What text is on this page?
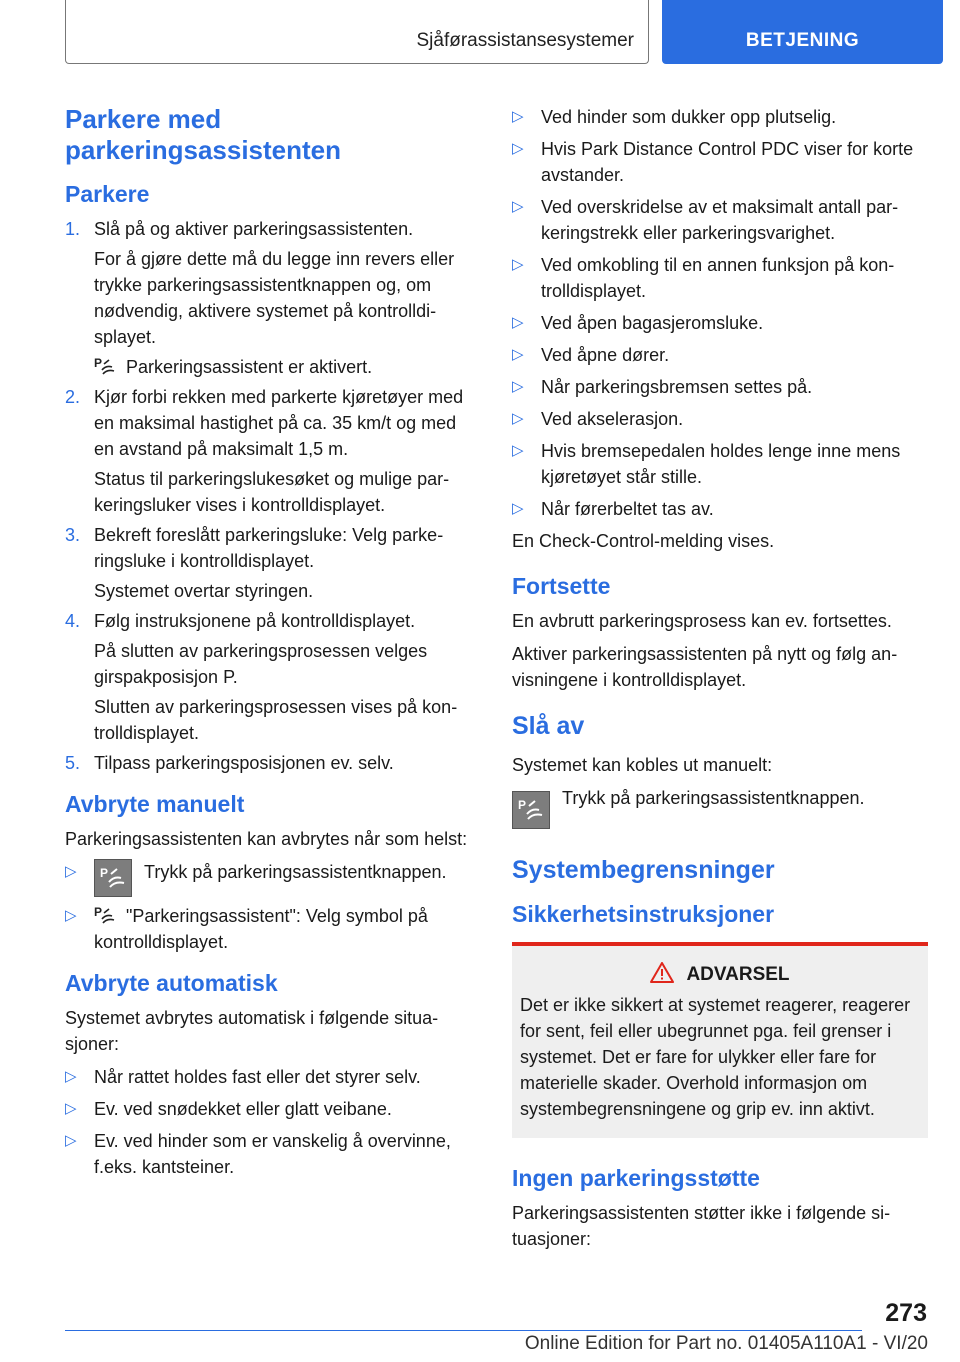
Sjåførassistansesystemer	BETJENING
Parkere med
parkeringsassistenten
Parkere
1. Slå på og aktiver parkeringsassistenten.
For å gjøre dette må du legge inn revers eller trykke parkeringsassistentknappen og, om nødvendig, aktivere systemet på kontrolldisplayet.
P Parkeringsassistent er aktivert.
2. Kjør forbi rekken med parkerte kjøretøyer med en maksimal hastighet på ca. 35 km/t og med en avstand på maksimalt 1,5 m.
Status til parkeringslukesøket og mulige parkeringsluker vises i kontrolldisplayet.
3. Bekreft foreslått parkeringsluke: Velg parkeringsluke i kontrolldisplayet.
Systemet overtar styringen.
4. Følg instruksjonene på kontrolldisplayet.
På slutten av parkeringsprosessen velges girspakposisjon P.
Slutten av parkeringsprosessen vises på kontrolldisplayet.
5. Tilpass parkeringsposisjonen ev. selv.
Avbryte manuelt

Parkeringsassistenten kan avbrytes når som helst:

▷	P Trykk på parkeringsassistentknappen.
▷	P "Parkeringsassistent": Velg symbol på kontrolldisplayet.
Avbryte automatisk

Systemet avbrytes automatisk i følgende situasjoner:

▷ Når rattet holdes fast eller det styrer selv.
▷ Ev. ved snødekket eller glatt veibane.
▷ Ev. ved hinder som er vanskelig å overvinne, f.eks. kantsteiner.
▷ Ved hinder som dukker opp plutselig.
▷ Hvis Park Distance Control PDC viser for korte avstander.
▷ Ved overskridelse av et maksimalt antall parkeringstrekk eller parkeringsvarighet.
▷ Ved omkobling til en annen funksjon på kontrolldisplayet.
▷ Ved åpen bagasjeromsluke.
▷ Ved åpne dører.
▷ Når parkeringsbremsen settes på.
▷ Ved akselerasjon.
▷ Hvis bremsepedalen holdes lenge inne mens kjøretøyet står stille.
▷ Når førerbeltet tas av.

En Check-Control-melding vises.

Fortsette

En avbrutt parkeringsprosess kan ev. fortsettes.

Aktiver parkeringsassistenten på nytt og følg anvisningene i kontrolldisplayet.

Slå av

Systemet kan kobles ut manuelt:

P Trykk på parkeringsassistentknappen.
Systembegrensninger
Sikkerhetsinstruksjoner
ADVARSEL

Det er ikke sikkert at systemet reagerer, reagerer for sent, feil eller ubegrunnet pga. feil grenser i systemet. Det er fare for ulykker eller fare for materielle skader. Overhold informasjon om systembegrensningene og grip ev. inn aktivt.

Ingen parkeringsstøtte

Parkeringsassistenten støtter ikke i følgende situasjoner:

273
Online Edition for Part no. 01405A110A1 - VI/20
